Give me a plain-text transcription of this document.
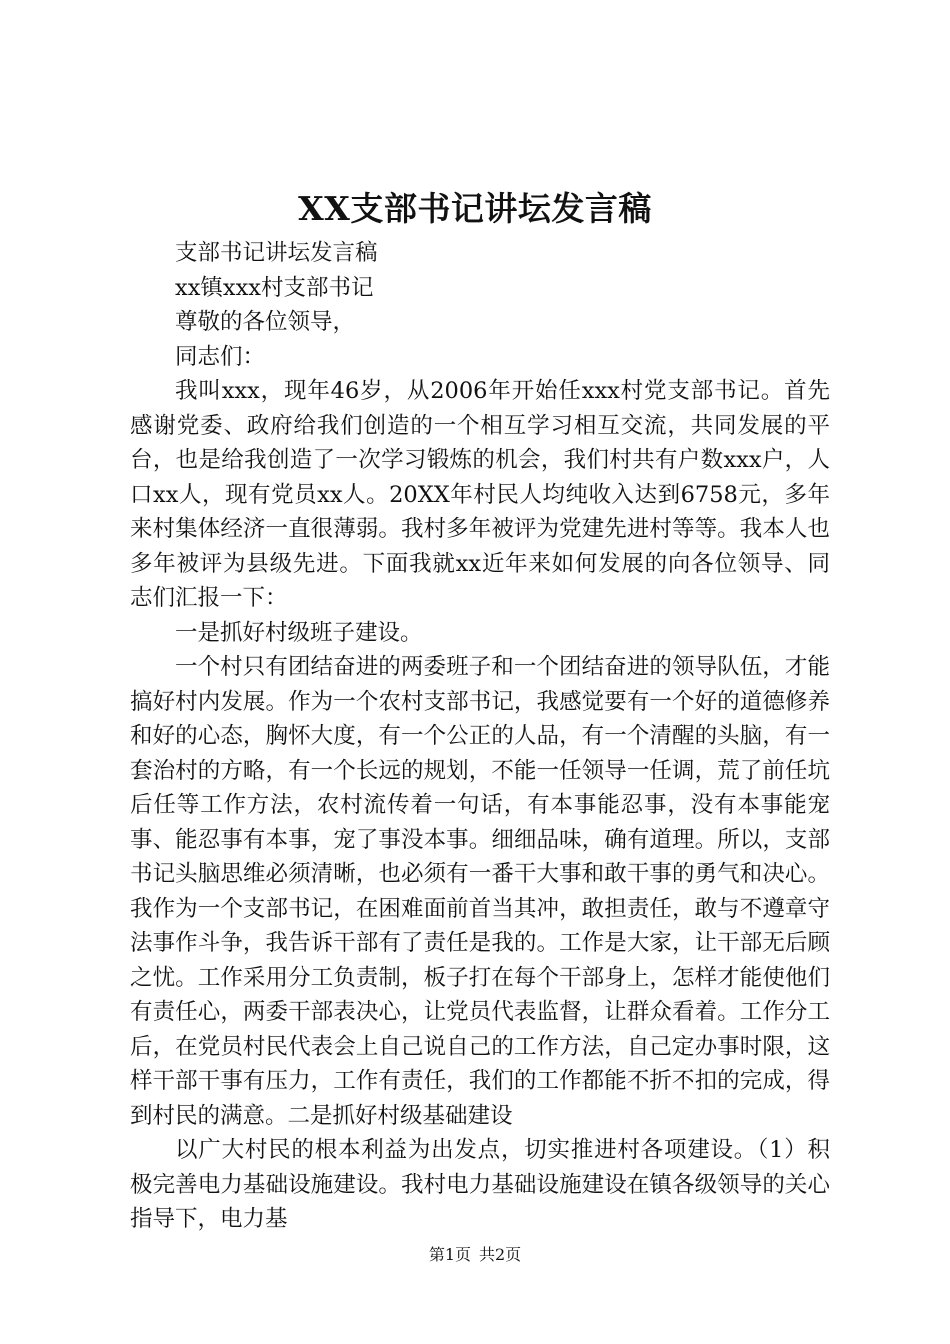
XX支部书记讲坛发言稿

支部书记讲坛发言稿

xx镇xxx村支部书记

尊敬的各位领导，

同志们：

我叫xxx，现年46岁，从2006年开始任xxx村党支部书记。首先感谢党委、政府给我们创造的一个相互学习相互交流，共同发展的平台，也是给我创造了一次学习锻炼的机会，我们村共有户数xxx户，人口xx人，现有党员xx人。20XX年村民人均纯收入达到6758元，多年来村集体经济一直很薄弱。我村多年被评为党建先进村等等。我本人也多年被评为县级先进。下面我就xx近年来如何发展的向各位领导、同志们汇报一下：

一是抓好村级班子建设。

一个村只有团结奋进的两委班子和一个团结奋进的领导队伍，才能搞好村内发展。作为一个农村支部书记，我感觉要有一个好的道德修养和好的心态，胸怀大度，有一个公正的人品，有一个清醒的头脑，有一套治村的方略，有一个长远的规划，不能一任领导一任调，荒了前任坑后任等工作方法，农村流传着一句话，有本事能忍事，没有本事能宠事、能忍事有本事，宠了事没本事。细细品味，确有道理。所以，支部书记头脑思维必须清晰，也必须有一番干大事和敢干事的勇气和决心。我作为一个支部书记，在困难面前首当其冲，敢担责任，敢与不遵章守法事作斗争，我告诉干部有了责任是我的。工作是大家，让干部无后顾之忧。工作采用分工负责制，板子打在每个干部身上，怎样才能使他们有责任心，两委干部表决心，让党员代表监督，让群众看着。工作分工后，在党员村民代表会上自己说自己的工作方法，自己定办事时限，这样干部干事有压力，工作有责任，我们的工作都能不折不扣的完成，得到村民的满意。二是抓好村级基础建设

以广大村民的根本利益为出发点，切实推进村各项建设。（1）积极完善电力基础设施建设。我村电力基础设施建设在镇各级领导的关心指导下，电力基

第1页 共2页
